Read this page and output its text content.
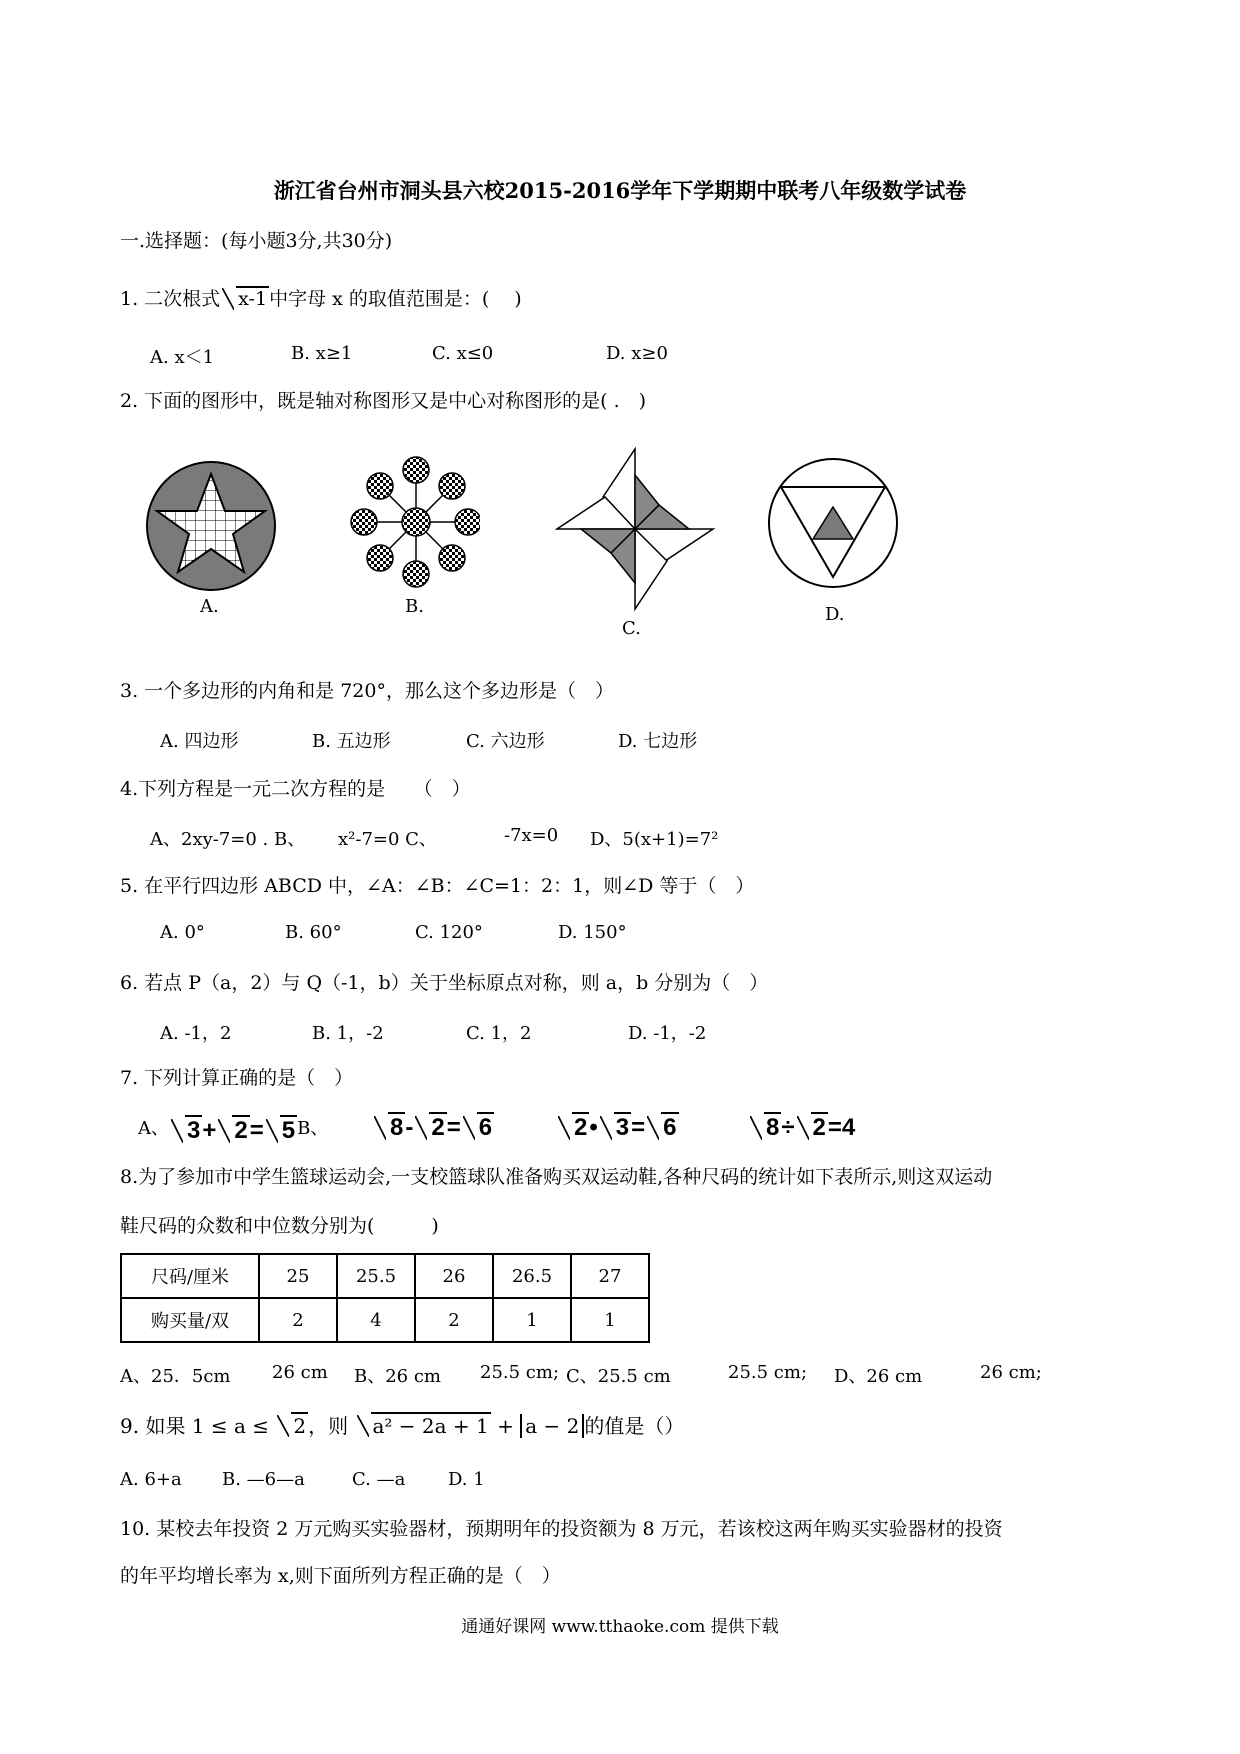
浙江省台州市洞头县六校2015-2016学年下学期期中联考八年级数学试卷
一.选择题：(每小题3分,共30分)
1. 二次根式 x-1 中字母 x 的取值范围是：(　 )
A. x＜1	B. x≥1	C. x≤0	D. x≥0
2. 下面的图形中，既是轴对称图形又是中心对称图形的是( .　)
A.	B.
C.
D.
3. 一个多边形的内角和是 720°，那么这个多边形是（　）
A. 四边形	B. 五边形	C. 六边形	D. 七边形
4.下列方程是一元二次方程的是　　（　）
A、2xy-7=0 . B、 x²-7=0 C、	-7x=0 D、5(x+1)=7²
5. 在平行四边形 ABCD 中，∠A：∠B：∠C=1：2：1，则∠D 等于（　）
A. 0°	B. 60°	C. 120°	D. 150°
6. 若点 P（a，2）与 Q（-1，b）关于坐标原点对称，则 a，b 分别为（　）
A. -1，2	B. 1，-2	C. 1，2	D. -1，-2
7. 下列计算正确的是（　）
A、 3+ 2= 5 B、	8- 2= 6	2• 3= 6	8÷ 2=4
8.为了参加市中学生篮球运动会,一支校篮球队准备购买双运动鞋,各种尺码的统计如下表所示,则这双运动
鞋尺码的众数和中位数分别为(　　　)
尺码/厘米	25	25.5	26	26.5	27
购买量/双	2	4	2	1	1
A、25．5cm 26 cm B、26 cm 25.5 cm; C、25.5 cm	25.5 cm; D、26 cm	26 cm;
9. 如果 1 ≤ a ≤ 2 ，则 a² − 2a + 1 + a − 2 的值是（）
A. 6+a B. —6—a	C. —a D. 1
10. 某校去年投资 2 万元购买实验器材，预期明年的投资额为 8 万元，若该校这两年购买实验器材的投资
的年平均增长率为 x,则下面所列方程正确的是（　）
通通好课网 www.tthaoke.com 提供下载
